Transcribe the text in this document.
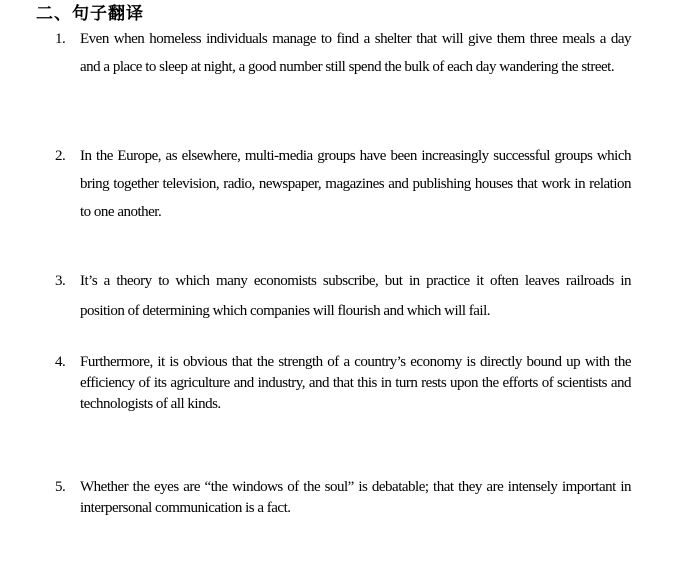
二、句子翻译
1. Even when homeless individuals manage to find a shelter that will give them three meals a day
and a place to sleep at night, a good number still spend the bulk of each day wandering the street.
2. In the Europe, as elsewhere, multi-media groups have been increasingly successful groups which
bring together television, radio, newspaper, magazines and publishing houses that work in relation
to one another.
3. It’s a theory to which many economists subscribe, but in practice it often leaves railroads in
position of determining which companies will flourish and which will fail.
4. Furthermore, it is obvious that the strength of a country’s economy is directly bound up with the
efficiency of its agriculture and industry, and that this in turn rests upon the efforts of scientists and
technologists of all kinds.
5. Whether the eyes are “the windows of the soul” is debatable; that they are intensely important in
interpersonal communication is a fact.
